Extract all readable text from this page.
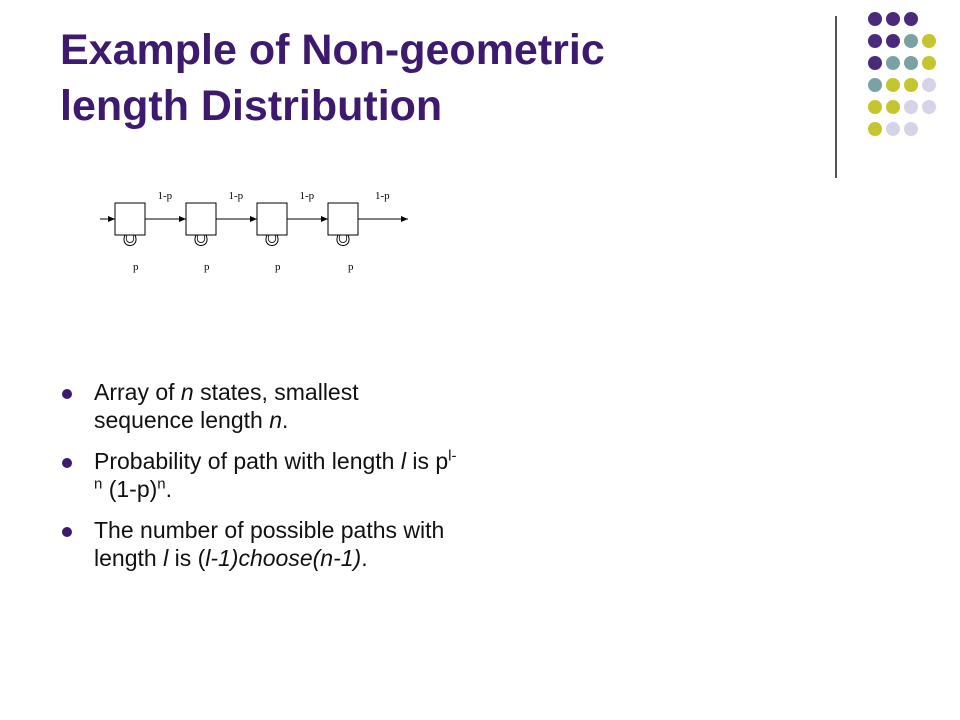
Example of Non-geometric
length Distribution
1-p
p
1-p
p
1-p
p
1-p
p
Array of n states, smallest sequence length n.
Probability of path with length l is $p^{l-n}$ $(1-p)^n$.
The number of possible paths with length l is (l-1)choose(n-1).
